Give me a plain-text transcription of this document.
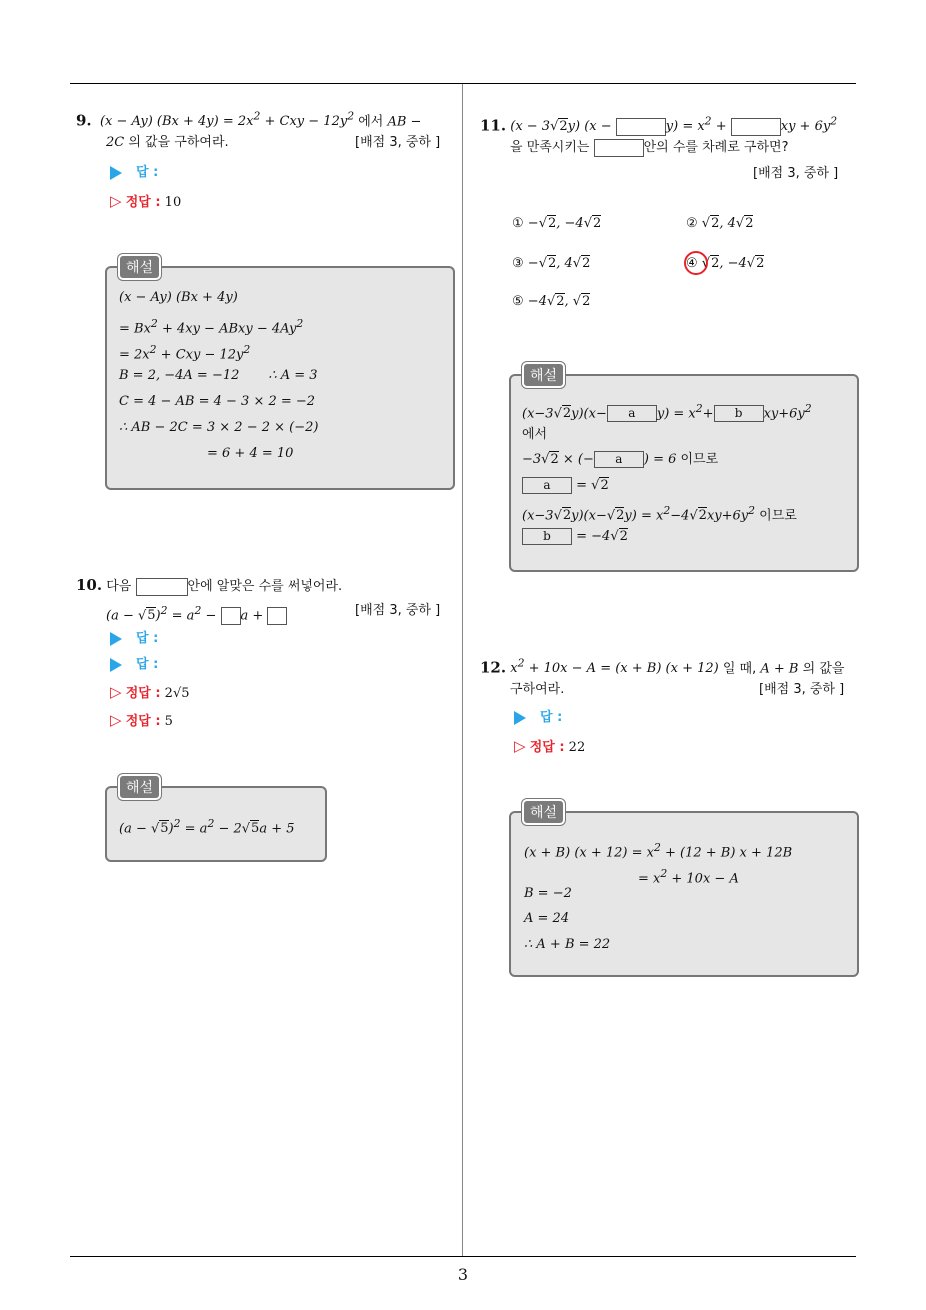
9. (x − Ay) $(Bx + 4y) = 2x^2$ + Cxy − $12y^2$ 에서 AB −
2C 의 값을 구하여라.	[배점 3, 중하 ]
답 :
▷ 정답 : 10
해설
(x − Ay) (Bx + 4y)
= $Bx^2 + 4xy$ − ABxy − $4Ay^2$
= $2x^2$ + Cxy − $12y^2$
B = 2, −4A = −12       ∴ A = 3
C = 4 − AB = 4 − 3 × 2 = −2
∴ AB − 2C = 3 × 2 − 2 × (−2)
= 6 + 4 = 10
10. 다음	안에 알맞은 수를 써넣어라.
$(a - √5)^2 = a^2 - a$ +	[배점 3, 중하 ]
답 :
답 :
▷ 정답 : 2√5
▷ 정답 : 5
해설
$(a - √5)^2 = a^2 - 2√5a + 5$
11. (x − 3√2y) (x −	$y) = x^2$ +	xy + $6y^2$
을 만족시키는	안의 수를 차례로 구하면?
[배점 3, 중하 ]
① −√2, −4√2	② √2, 4√2
③ −√2, 4√2	④ √2, −4√2
⑤ −4√2, √2
해설
(x−3√2y)(x− a $y) = x^2+ b$ $xy+6y^2$
에서
−3√2 × (− a ) = 6 이므로
a = √2
$(x-3√2y)(x-√2y) = x^2-4√2xy+6y^2$ 이므로
b = −4√2
12. $x^2 + 10x - A = (x + B) (x + 12)$ 일 때, A + B 의 값을
구하여라.	[배점 3, 중하 ]
답 :
▷ 정답 : 22
해설
(x + B) $(x + 12) = x^2 + (12 + B) x + 12B$
= $x^2 + 10x - A$
B = −2
A = 24
∴ A + B = 22
3
